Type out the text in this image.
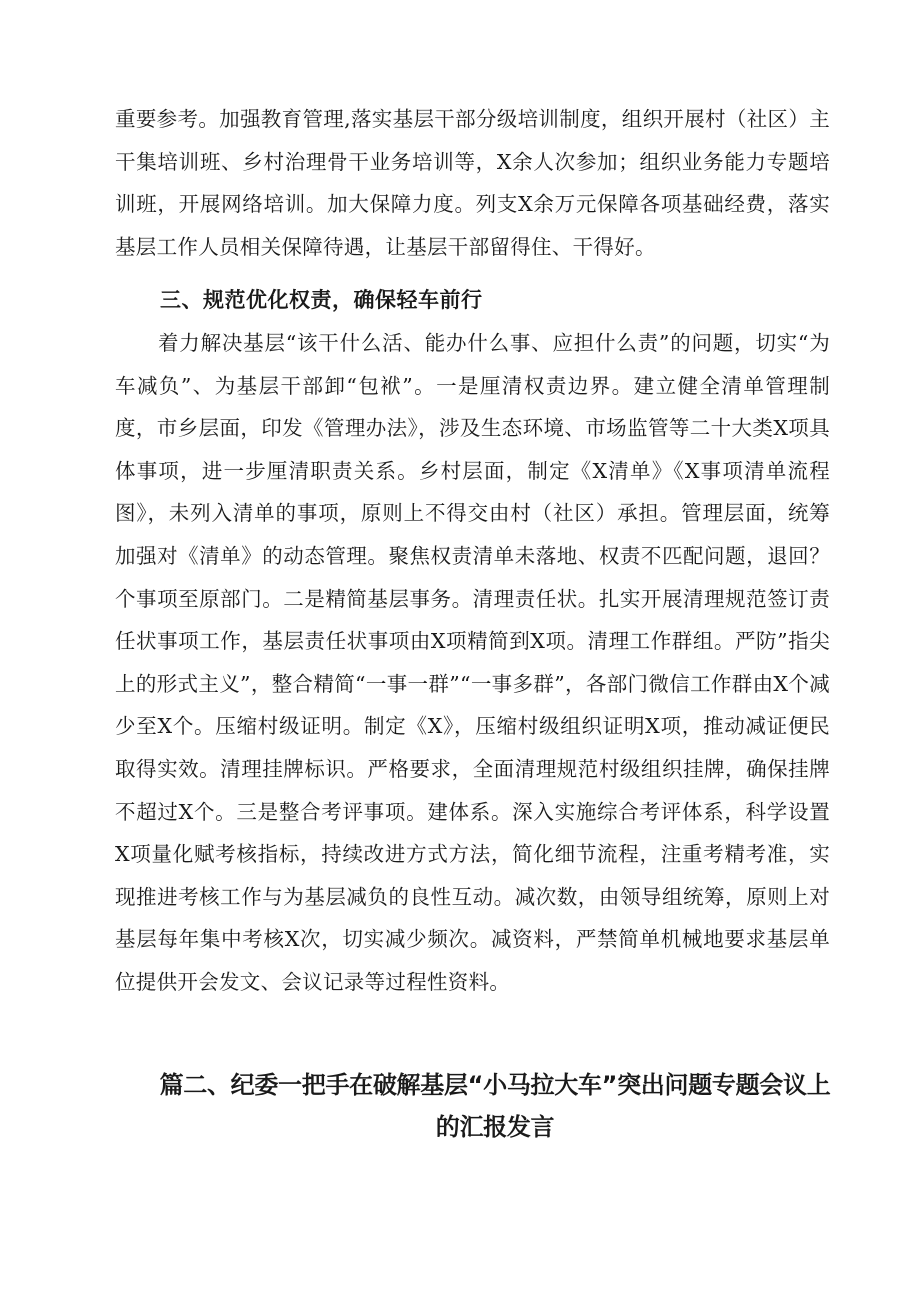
重要参考。加强教育管理,落实基层干部分级培训制度，组织开展村（社区）主干集培训班、乡村治理骨干业务培训等，X余人次参加；组织业务能力专题培训班，开展网络培训。加大保障力度。列支X余万元保障各项基础经费，落实基层工作人员相关保障待遇，让基层干部留得住、干得好。

三、规范优化权责，确保轻车前行

着力解决基层“该干什么活、能办什么事、应担什么责”的问题，切实“为车减负”、为基层干部卸“包袱”。一是厘清权责边界。建立健全清单管理制度，市乡层面，印发《管理办法》，涉及生态环境、市场监管等二十大类X项具体事项，进一步厘清职责关系。乡村层面，制定《X清单》《X事项清单流程图》，未列入清单的事项，原则上不得交由村（社区）承担。管理层面，统筹加强对《清单》的动态管理。聚焦权责清单未落地、权责不匹配问题，退回？个事项至原部门。二是精简基层事务。清理责任状。扎实开展清理规范签订责任状事项工作，基层责任状事项由X项精简到X项。清理工作群组。严防”指尖上的形式主义”，整合精简“一事一群”“一事多群”，各部门微信工作群由X个减少至X个。压缩村级证明。制定《X》，压缩村级组织证明X项，推动减证便民取得实效。清理挂牌标识。严格要求，全面清理规范村级组织挂牌，确保挂牌不超过X个。三是整合考评事项。建体系。深入实施综合考评体系，科学设置X项量化赋考核指标，持续改进方式方法，简化细节流程，注重考精考准，实现推进考核工作与为基层减负的良性互动。减次数，由领导组统筹，原则上对基层每年集中考核X次，切实减少频次。减资料，严禁简单机械地要求基层单位提供开会发文、会议记录等过程性资料。

篇二、纪委一把手在破解基层“小马拉大车”突出问题专题会议上
的汇报发言
